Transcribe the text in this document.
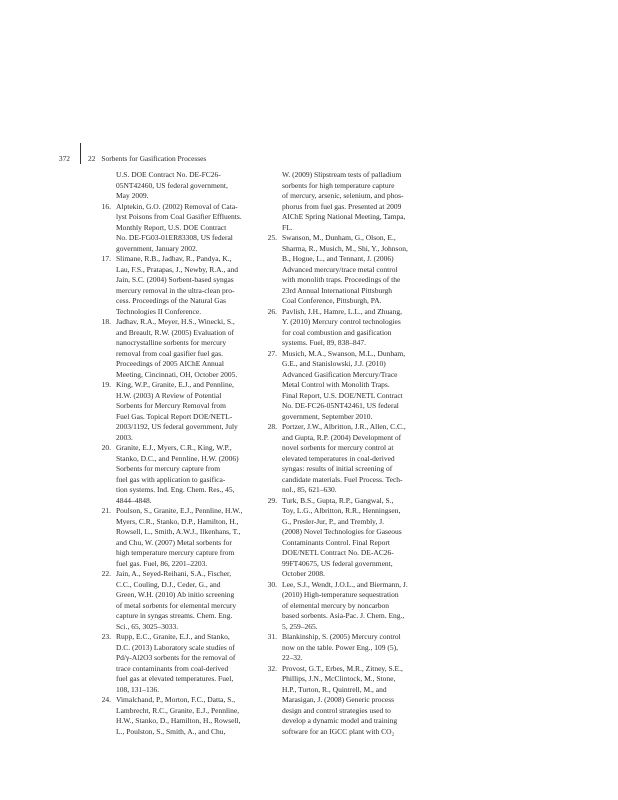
372	22 Sorbents for Gasification Processes
U.S. DOE Contract No. DE-FC26-
05NT42460, US federal government,
May 2009.
16. Alptekin, G.O. (2002) Removal of Cata-
lyst Poisons from Coal Gasifier Effluents.
Monthly Report, U.S. DOE Contract
No. DE-FG03-01ER83308, US federal
government, January 2002.
17. Slimane, R.B., Jadhav, R., Pandya, K.,
Lau, F.S., Pratapas, J., Newby, R.A., and
Jain, S.C. (2004) Sorbent-based syngas
mercury removal in the ultra-clean pro-
cess. Proceedings of the Natural Gas
Technologies II Conference.
18. Jadhav, R.A., Meyer, H.S., Winecki, S.,
and Breault, R.W. (2005) Evaluation of
nanocrystalline sorbents for mercury
removal from coal gasifier fuel gas.
Proceedings of 2005 AIChE Annual
Meeting, Cincinnati, OH, October 2005.
19. King, W.P., Granite, E.J., and Pennline,
H.W. (2003) A Review of Potential
Sorbents for Mercury Removal from
Fuel Gas. Topical Report DOE/NETL-
2003/1192, US federal government, July
2003.
20. Granite, E.J., Myers, C.R., King, W.P.,
Stanko, D.C., and Pennline, H.W. (2006)
Sorbents for mercury capture from
fuel gas with application to gasifica-
tion systems. Ind. Eng. Chem. Res., 45,
4844–4848.
21. Poulson, S., Granite, E.J., Pennline, H.W.,
Myers, C.R., Stanko, D.P., Hamilton, H.,
Rowsell, L., Smith, A.W.J., Ilkenhans, T.,
and Chu, W. (2007) Metal sorbents for
high temperature mercury capture from
fuel gas. Fuel, 86, 2201–2203.
22. Jain, A., Seyed-Reihani, S.A., Fischer,
C.C., Couling, D.J., Ceder, G., and
Green, W.H. (2010) Ab initio screening
of metal sorbents for elemental mercury
capture in syngas streams. Chem. Eng.
Sci., 65, 3025–3033.
23. Rupp, E.C., Granite, E.J., and Stanko,
D.C. (2013) Laboratory scale studies of
Pd/γ-Al2O3 sorbents for the removal of
trace contaminants from coal-derived
fuel gas at elevated temperatures. Fuel,
108, 131–136.
24. Vimalchand, P., Morton, F.C., Datta, S.,
Lambrecht, R.C., Granite, E.J., Pennline,
H.W., Stanko, D., Hamilton, H., Rowsell,
L., Poulston, S., Smith, A., and Chu,
W. (2009) Slipstream tests of palladium
sorbents for high temperature capture
of mercury, arsenic, selenium, and phos-
phorus from fuel gas. Presented at 2009
AIChE Spring National Meeting, Tampa,
FL.
25. Swanson, M., Dunham, G., Olson, E.,
Sharma, R., Musich, M., Shi, Y., Johnson,
B., Hogue, L., and Tennant, J. (2006)
Advanced mercury/trace metal control
with monolith traps. Proceedings of the
23rd Annual International Pittsburgh
Coal Conference, Pittsburgh, PA.
26. Pavlish, J.H., Hamre, L.L., and Zhuang,
Y. (2010) Mercury control technologies
for coal combustion and gasification
systems. Fuel, 89, 838–847.
27. Musich, M.A., Swanson, M.L., Dunham,
G.E., and Stanislowski, J.J. (2010)
Advanced Gasification Mercury/Trace
Metal Control with Monolith Traps.
Final Report, U.S. DOE/NETL Contract
No. DE-FC26-05NT42461, US federal
government, September 2010.
28. Portzer, J.W., Albritton, J.R., Allen, C.C.,
and Gupta, R.P. (2004) Development of
novel sorbents for mercury control at
elevated temperatures in coal-derived
syngas: results of initial screening of
candidate materials. Fuel Process. Tech-
nol., 85, 621–630.
29. Turk, B.S., Gupta, R.P., Gangwal, S.,
Toy, L.G., Albritton, R.R., Henningsen,
G., Presler-Jur, P., and Trembly, J.
(2008) Novel Technologies for Gaseous
Contaminants Control. Final Report
DOE/NETL Contract No. DE-AC26-
99FT40675, US federal government,
October 2008.
30. Lee, S.J., Wendt, J.O.L., and Biermann, J.
(2010) High-temperature sequestration
of elemental mercury by noncarbon
based sorbents. Asia-Pac. J. Chem. Eng.,
5, 259–265.
31. Blankinship, S. (2005) Mercury control
now on the table. Power Eng., 109 (5),
22–32.
32. Provost, G.T., Erbes, M.R., Zitney, S.E.,
Phillips, J.N., McClintock, M., Stone,
H.P., Turton, R., Quintrell, M., and
Marasigan, J. (2008) Generic process
design and control strategies used to
develop a dynamic model and training
software for an IGCC plant with CO₂
